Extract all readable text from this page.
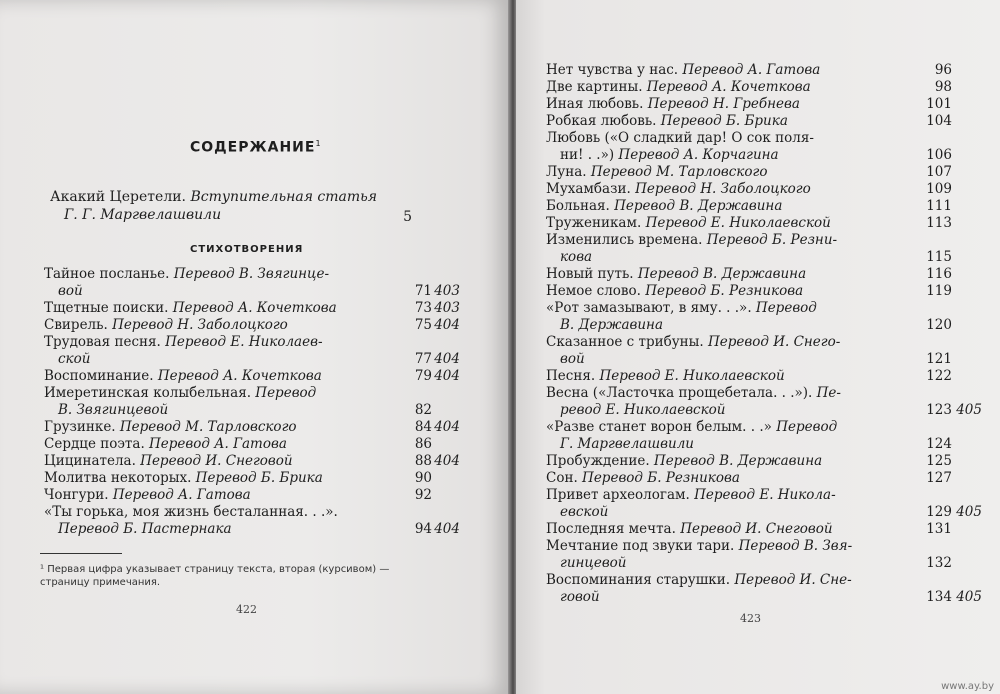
СОДЕРЖАНИЕ$^1$
Акакий Церетели. Вступительная статья
Г. Г. Маргвелашвили	5
СТИХОТВОРЕНИЯ
Тайное посланье. Перевод В. Звягинце-
вой	71 403
Тщетные поиски. Перевод А. Кочеткова	73 403
Свирель. Перевод Н. Заболоцкого	75 404
Трудовая песня. Перевод Е. Николаев-
ской	77 404
Воспоминание. Перевод А. Кочеткова	79 404
Имеретинская колыбельная. Перевод
В. Звягинцевой	82
Грузинке. Перевод М. Тарловского	84 404
Сердце поэта. Перевод А. Гатова	86
Цицинатела. Перевод И. Снеговой	88 404
Молитва некоторых. Перевод Б. Брика	90
Чонгури. Перевод А. Гатова	92
«Ты горька, моя жизнь бесталанная. . .».
Перевод Б. Пастернака	94 404
¹ Первая цифра указывает страницу текста, вторая (курсивом) — страницу примечания.
422
Нет чувства у нас. Перевод А. Гатова	96
Две картины. Перевод А. Кочеткова	98
Иная любовь. Перевод Н. Гребнева	101
Робкая любовь. Перевод Б. Брика	104
Любовь («О сладкий дар! О сок поля-
ни! . .») Перевод А. Корчагина	106
Луна. Перевод М. Тарловского	107
Мухамбази. Перевод Н. Заболоцкого	109
Больная. Перевод В. Державина	111
Труженикам. Перевод Е. Николаевской	113
Изменились времена. Перевод Б. Резни-
кова	115
Новый путь. Перевод В. Державина	116
Немое слово. Перевод Б. Резникова	119
«Рот замазывают, в яму. . .». Перевод
В. Державина	120
Сказанное с трибуны. Перевод И. Снего-
вой	121
Песня. Перевод Е. Николаевской	122
Весна («Ласточка прощебетала. . .»). Пе-
ревод Е. Николаевской	123 405
«Разве станет ворон белым. . .» Перевод
Г. Маргвелашвили	124
Пробуждение. Перевод В. Державина	125
Сон. Перевод Б. Резникова	127
Привет археологам. Перевод Е. Никола-
евской	129 405
Последняя мечта. Перевод И. Снеговой	131
Мечтание под звуки тари. Перевод В. Звя-
гинцевой	132
Воспоминания старушки. Перевод И. Сне-
говой	134 405
423
www.ay.by
